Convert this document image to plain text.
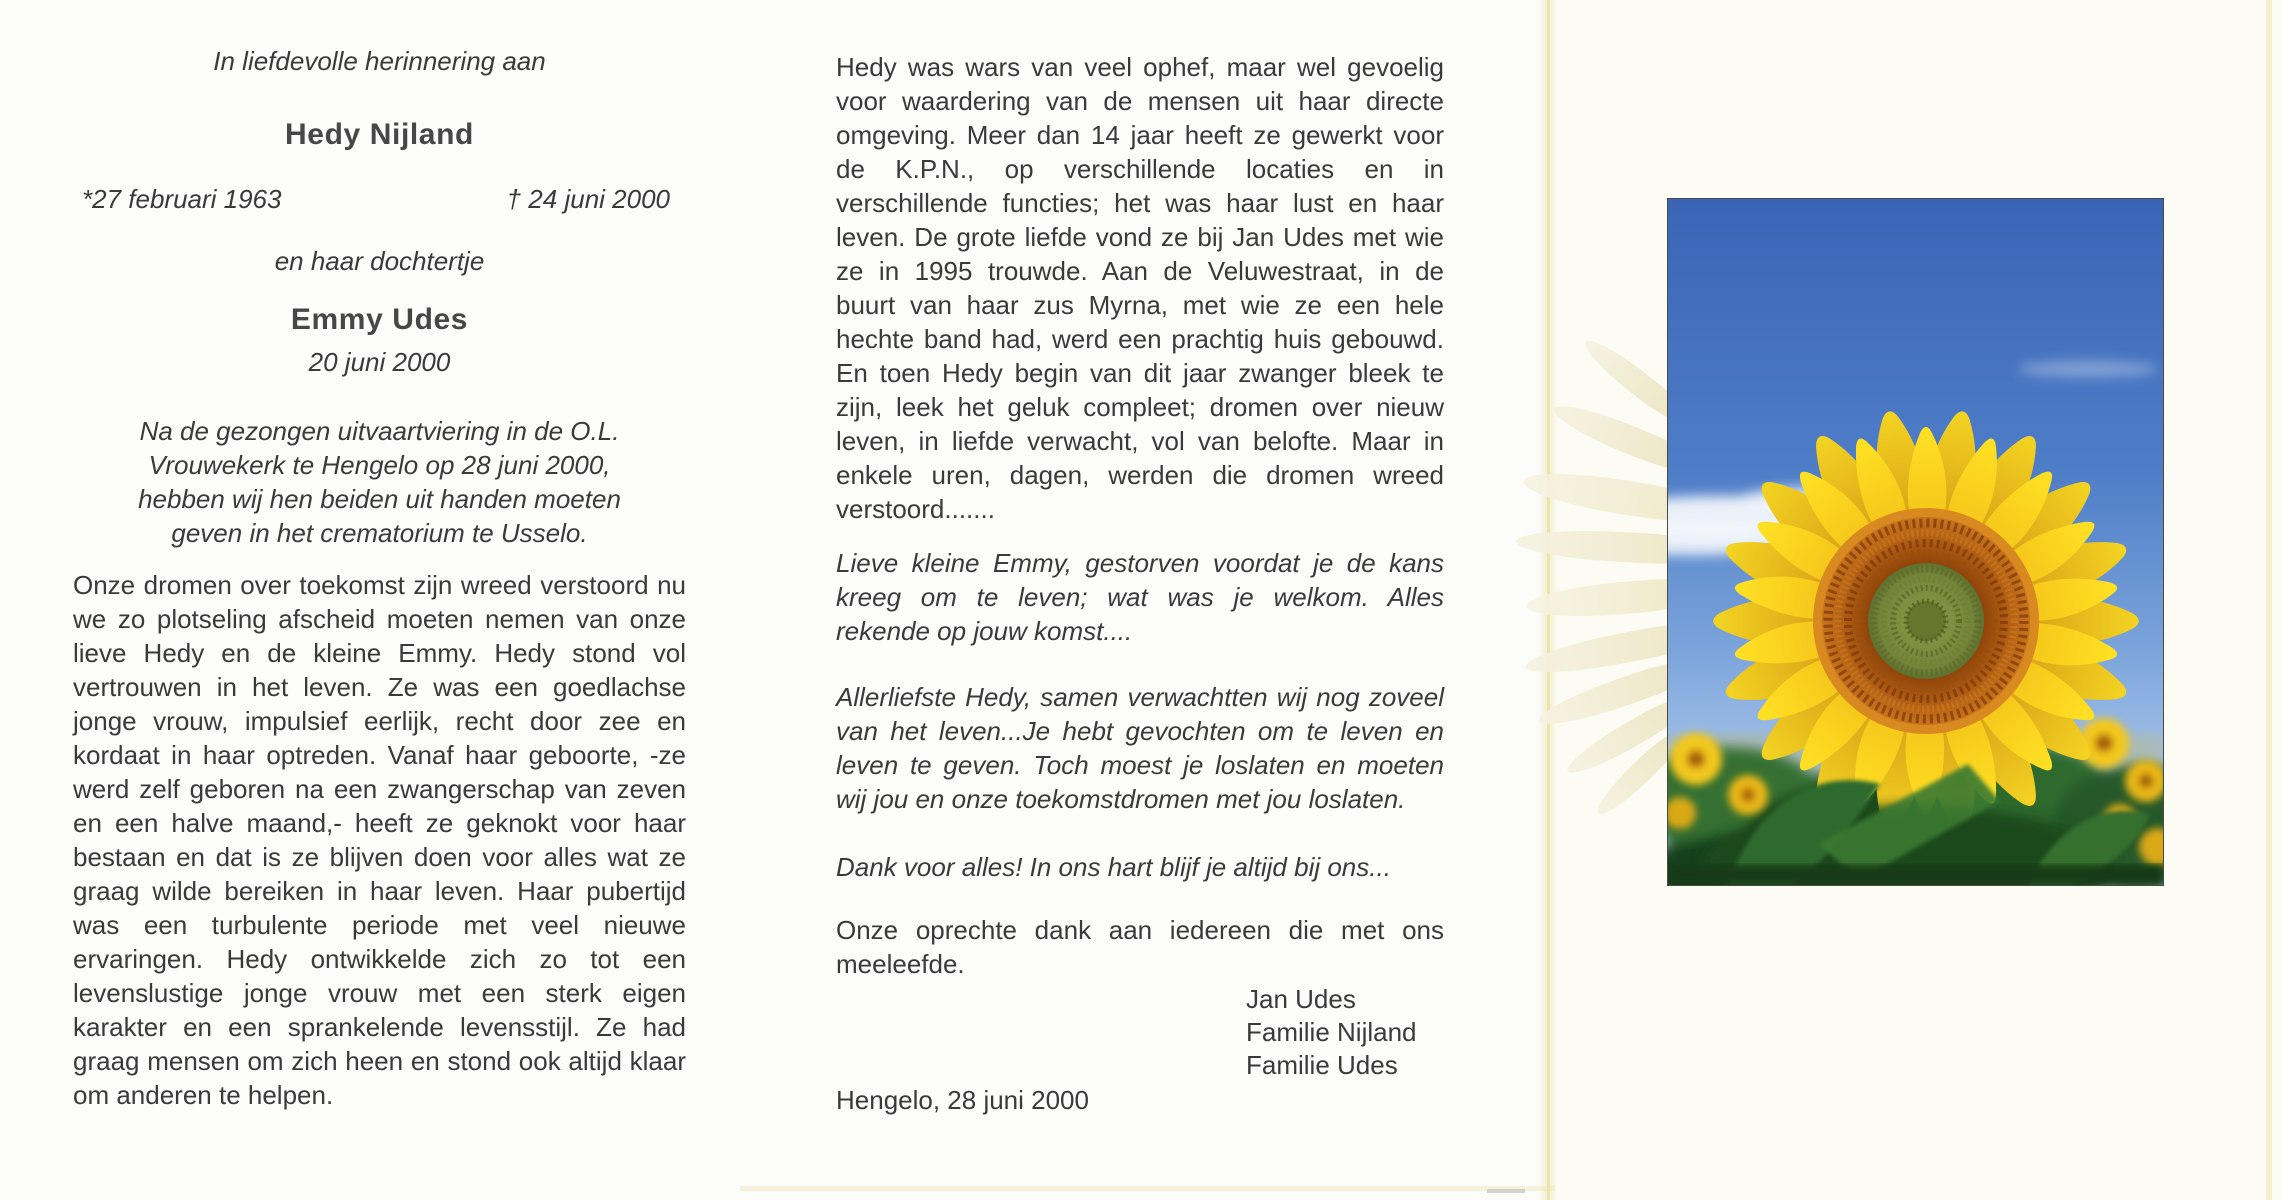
In liefdevolle herinnering aan
Hedy Nijland
*27 februari 1963	† 24 juni 2000
en haar dochtertje
Emmy Udes
20 juni 2000
Na de gezongen uitvaartviering in de O.L.
Vrouwekerk te Hengelo op 28 juni 2000,
hebben wij hen beiden uit handen moeten
geven in het crematorium te Usselo.
Onze dromen over toekomst zijn wreed verstoord nu we zo plotseling afscheid moeten nemen van onze lieve Hedy en de kleine Emmy. Hedy stond vol vertrouwen in het leven. Ze was een goedlachse jonge vrouw, impulsief eerlijk, recht door zee en kordaat in haar optreden. Vanaf haar geboorte, -ze werd zelf geboren na een zwangerschap van zeven en een halve maand,- heeft ze geknokt voor haar bestaan en dat is ze blijven doen voor alles wat ze graag wilde bereiken in haar leven. Haar pubertijd was een turbulente periode met veel nieuwe ervaringen. Hedy ontwikkelde zich zo tot een levenslustige jonge vrouw met een sterk eigen karakter en een sprankelende levensstijl. Ze had graag mensen om zich heen en stond ook altijd klaar om anderen te helpen.
Hedy was wars van veel ophef, maar wel gevoelig voor waardering van de mensen uit haar directe omgeving. Meer dan 14 jaar heeft ze gewerkt voor de K.P.N., op verschillende locaties en in verschillende functies; het was haar lust en haar leven. De grote liefde vond ze bij Jan Udes met wie ze in 1995 trouwde. Aan de Veluwestraat, in de buurt van haar zus Myrna, met wie ze een hele hechte band had, werd een prachtig huis gebouwd. En toen Hedy begin van dit jaar zwanger bleek te zijn, leek het geluk compleet; dromen over nieuw leven, in liefde verwacht, vol van belofte. Maar in enkele uren, dagen, werden die dromen wreed verstoord.......
Lieve kleine Emmy, gestorven voordat je de kans kreeg om te leven; wat was je welkom. Alles rekende op jouw komst....
Allerliefste Hedy, samen verwachtten wij nog zoveel van het leven...Je hebt gevochten om te leven en leven te geven. Toch moest je loslaten en moeten wij jou en onze toekomstdromen met jou loslaten.
Dank voor alles! In ons hart blijf je altijd bij ons...
Onze oprechte dank aan iedereen die met ons meeleefde.
Jan Udes
Familie Nijland
Familie Udes
Hengelo, 28 juni 2000
